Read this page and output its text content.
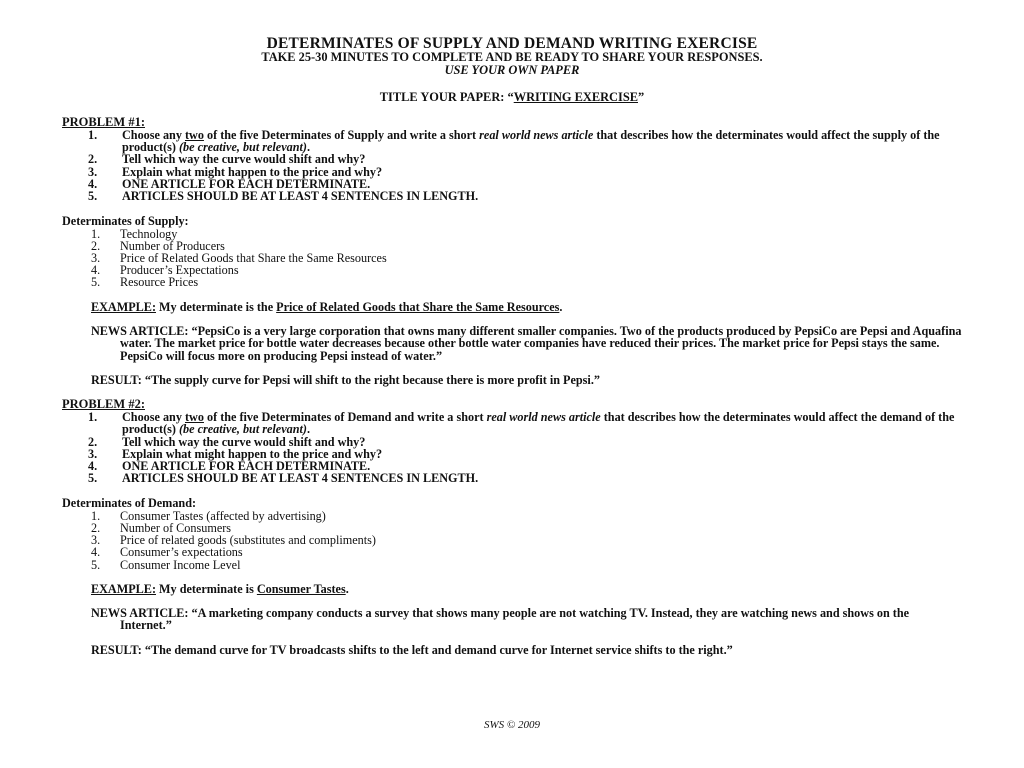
DETERMINATES OF SUPPLY AND DEMAND WRITING EXERCISE
TAKE 25-30 MINUTES TO COMPLETE AND BE READY TO SHARE YOUR RESPONSES.
USE YOUR OWN PAPER
TITLE YOUR PAPER: “WRITING EXERCISE”
PROBLEM #1:
1.	Choose any two of the five Determinates of Supply and write a short real world news article that describes how the determinates would affect the supply of the product(s) (be creative, but relevant).
2.	Tell which way the curve would shift and why?
3.	Explain what might happen to the price and why?
4.	ONE ARTICLE FOR EACH DETERMINATE.
5.	ARTICLES SHOULD BE AT LEAST 4 SENTENCES IN LENGTH.
Determinates of Supply:
1. Technology
2. Number of Producers
3. Price of Related Goods that Share the Same Resources
4. Producer’s Expectations
5. Resource Prices
EXAMPLE: My determinate is the Price of Related Goods that Share the Same Resources.
NEWS ARTICLE: “PepsiCo is a very large corporation that owns many different smaller companies. Two of the products produced by PepsiCo are Pepsi and Aquafina water. The market price for bottle water decreases because other bottle water companies have reduced their prices. The market price for Pepsi stays the same. PepsiCo will focus more on producing Pepsi instead of water.”
RESULT: “The supply curve for Pepsi will shift to the right because there is more profit in Pepsi.”
PROBLEM #2:
1.	Choose any two of the five Determinates of Demand and write a short real world news article that describes how the determinates would affect the demand of the product(s) (be creative, but relevant).
2.	Tell which way the curve would shift and why?
3.	Explain what might happen to the price and why?
4.	ONE ARTICLE FOR EACH DETERMINATE.
5.	ARTICLES SHOULD BE AT LEAST 4 SENTENCES IN LENGTH.
Determinates of Demand:
1. Consumer Tastes (affected by advertising)
2. Number of Consumers
3. Price of related goods (substitutes and compliments)
4. Consumer’s expectations
5. Consumer Income Level
EXAMPLE: My determinate is Consumer Tastes.
NEWS ARTICLE: “A marketing company conducts a survey that shows many people are not watching TV. Instead, they are watching news and shows on the Internet.”
RESULT: “The demand curve for TV broadcasts shifts to the left and demand curve for Internet service shifts to the right.”
SWS © 2009
